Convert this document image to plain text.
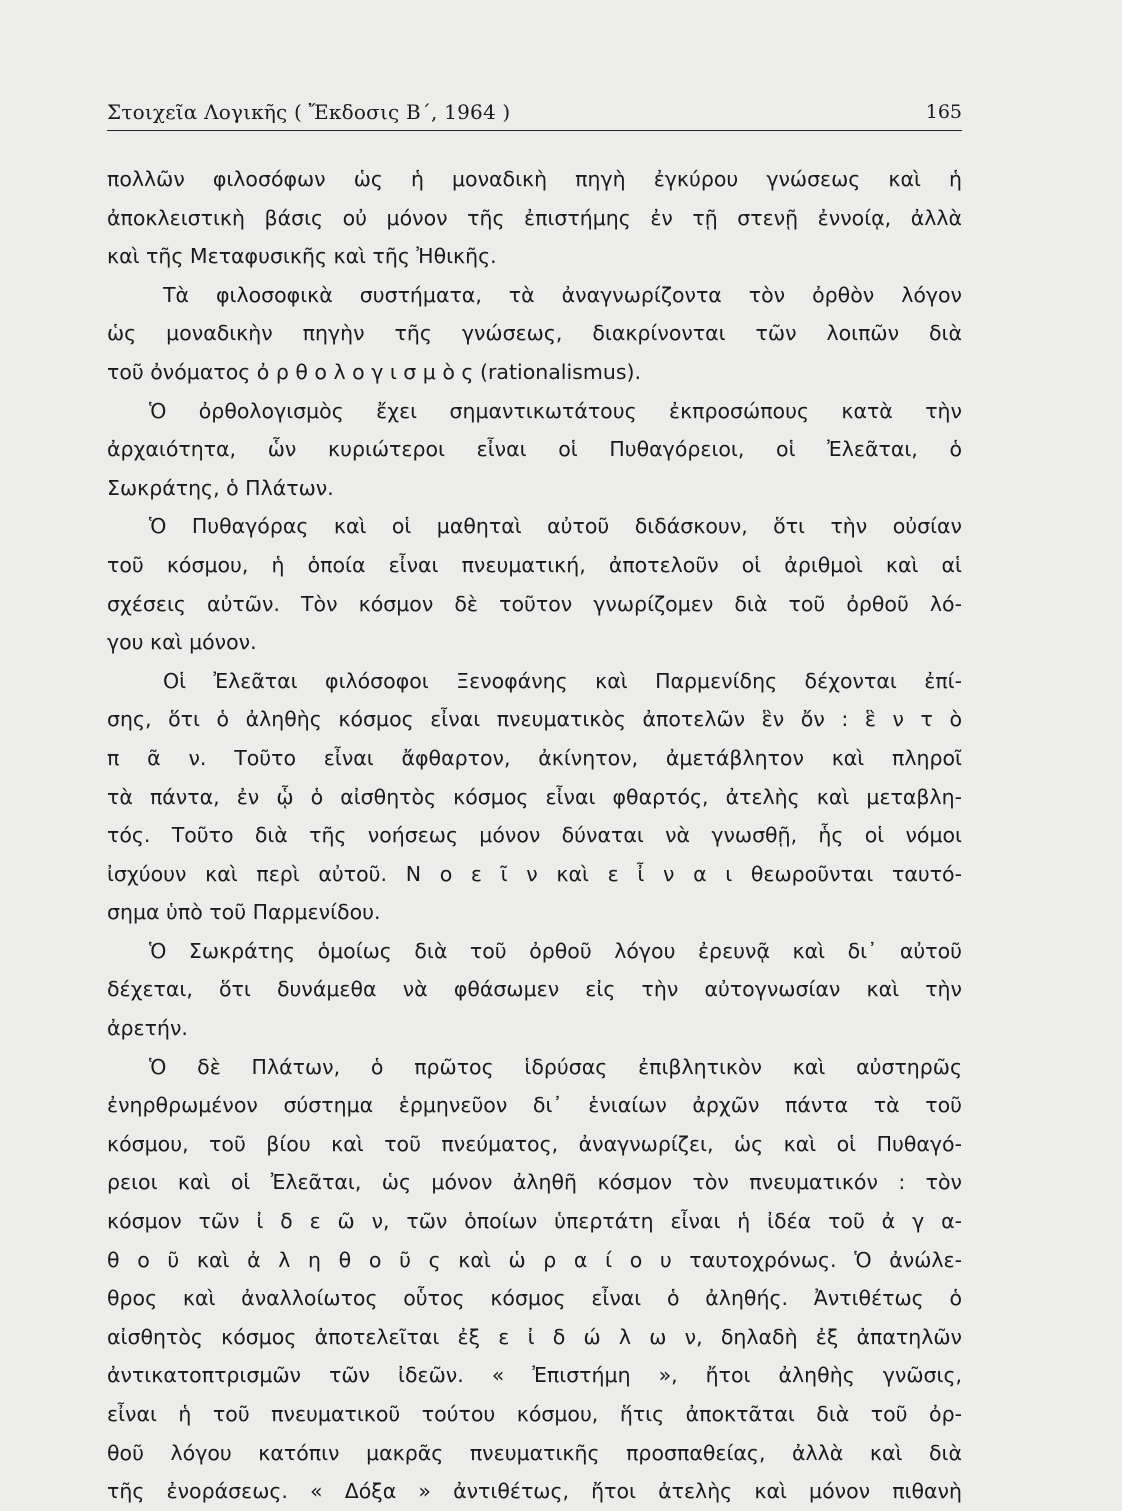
Στοιχεῖα Λογικῆς ( Ἔκδοσις Β΄, 1964 )	165
πολλῶν φιλοσόφων ὡς ἡ μοναδικὴ πηγὴ ἐγκύρου γνώσεως καὶ ἡ
ἀποκλειστικὴ βάσις οὐ μόνον τῆς ἐπιστήμης ἐν τῇ στενῇ ἐννοίᾳ, ἀλλὰ
καὶ τῆς Μεταφυσικῆς καὶ τῆς Ἠθικῆς.
Τὰ φιλοσοφικὰ συστήματα, τὰ ἀναγνωρίζοντα τὸν ὀρθὸν λόγον
ὡς μοναδικὴν πηγὴν τῆς γνώσεως, διακρίνονται τῶν λοιπῶν διὰ
τοῦ ὀνόματος ὀ ρ θ ο λ ο γ ι σ μ ὸ ς (rationalismus).
Ὁ ὀρθολογισμὸς ἔχει σημαντικωτάτους ἐκπροσώπους κατὰ τὴν
ἀρχαιότητα, ὧν κυριώτεροι εἶναι οἱ Πυθαγόρειοι, οἱ Ἐλεᾶται, ὁ
Σωκράτης, ὁ Πλάτων.
Ὁ Πυθαγόρας καὶ οἱ μαθηταὶ αὐτοῦ διδάσκουν, ὅτι τὴν οὐσίαν
τοῦ κόσμου, ἡ ὁποία εἶναι πνευματική, ἀποτελοῦν οἱ ἀριθμοὶ καὶ αἱ
σχέσεις αὐτῶν. Τὸν κόσμον δὲ τοῦτον γνωρίζομεν διὰ τοῦ ὀρθοῦ λό-
γου καὶ μόνον.
Οἱ Ἐλεᾶται φιλόσοφοι Ξενοφάνης καὶ Παρμενίδης δέχονται ἐπί-
σης, ὅτι ὁ ἀληθὴς κόσμος εἶναι πνευματικὸς ἀποτελῶν ἓν ὄν : ἓ ν τ ὸ
π ᾶ ν. Τοῦτο εἶναι ἄφθαρτον, ἀκίνητον, ἀμετάβλητον καὶ πληροῖ
τὰ πάντα, ἐν ᾧ ὁ αἰσθητὸς κόσμος εἶναι φθαρτός, ἀτελὴς καὶ μεταβλη-
τός. Τοῦτο διὰ τῆς νοήσεως μόνον δύναται νὰ γνωσθῇ, ἧς οἱ νόμοι
ἰσχύουν καὶ περὶ αὐτοῦ. Ν ο ε ῖ ν καὶ ε ἶ ν α ι θεωροῦνται ταυτό-
σημα ὑπὸ τοῦ Παρμενίδου.
Ὁ Σωκράτης ὁμοίως διὰ τοῦ ὀρθοῦ λόγου ἐρευνᾷ καὶ δι᾽ αὐτοῦ
δέχεται, ὅτι δυνάμεθα νὰ φθάσωμεν εἰς τὴν αὐτογνωσίαν καὶ τὴν
ἀρετήν.
Ὁ δὲ Πλάτων, ὁ πρῶτος ἱδρύσας ἐπιβλητικὸν καὶ αὐστηρῶς
ἐνηρθρωμένον σύστημα ἑρμηνεῦον δι᾽ ἑνιαίων ἀρχῶν πάντα τὰ τοῦ
κόσμου, τοῦ βίου καὶ τοῦ πνεύματος, ἀναγνωρίζει, ὡς καὶ οἱ Πυθαγό-
ρειοι καὶ οἱ Ἐλεᾶται, ὡς μόνον ἀληθῆ κόσμον τὸν πνευματικόν : τὸν
κόσμον τῶν ἰ δ ε ῶ ν, τῶν ὁποίων ὑπερτάτη εἶναι ἡ ἰδέα τοῦ ἀ γ α-
θ ο ῦ καὶ ἀ λ η θ ο ῦ ς καὶ ὡ ρ α ί ο υ ταυτοχρόνως. Ὁ ἀνώλε-
θρος καὶ ἀναλλοίωτος οὗτος κόσμος εἶναι ὁ ἀληθής. Ἀντιθέτως ὁ
αἰσθητὸς κόσμος ἀποτελεῖται ἐξ ε ἰ δ ώ λ ω ν, δηλαδὴ ἐξ ἀπατηλῶν
ἀντικατοπτρισμῶν τῶν ἰδεῶν. « Ἐπιστήμη », ἤτοι ἀληθὴς γνῶσις,
εἶναι ἡ τοῦ πνευματικοῦ τούτου κόσμου, ἥτις ἀποκτᾶται διὰ τοῦ ὀρ-
θοῦ λόγου κατόπιν μακρᾶς πνευματικῆς προσπαθείας, ἀλλὰ καὶ διὰ
τῆς ἐνοράσεως. « Δόξα » ἀντιθέτως, ἤτοι ἀτελὴς καὶ μόνον πιθανὴ
